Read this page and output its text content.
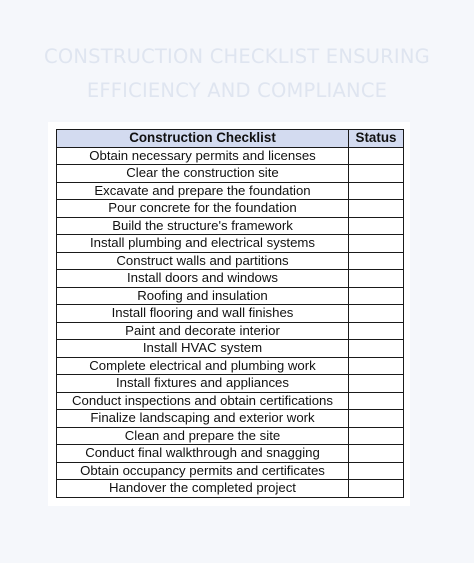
CONSTRUCTION CHECKLIST ENSURING
EFFICIENCY AND COMPLIANCE
Construction Checklist	Status
Obtain necessary permits and licenses	
Clear the construction site	
Excavate and prepare the foundation	
Pour concrete for the foundation	
Build the structure's framework	
Install plumbing and electrical systems	
Construct walls and partitions	
Install doors and windows	
Roofing and insulation	
Install flooring and wall finishes	
Paint and decorate interior	
Install HVAC system	
Complete electrical and plumbing work	
Install fixtures and appliances	
Conduct inspections and obtain certifications	
Finalize landscaping and exterior work	
Clean and prepare the site	
Conduct final walkthrough and snagging	
Obtain occupancy permits and certificates	
Handover the completed project	
